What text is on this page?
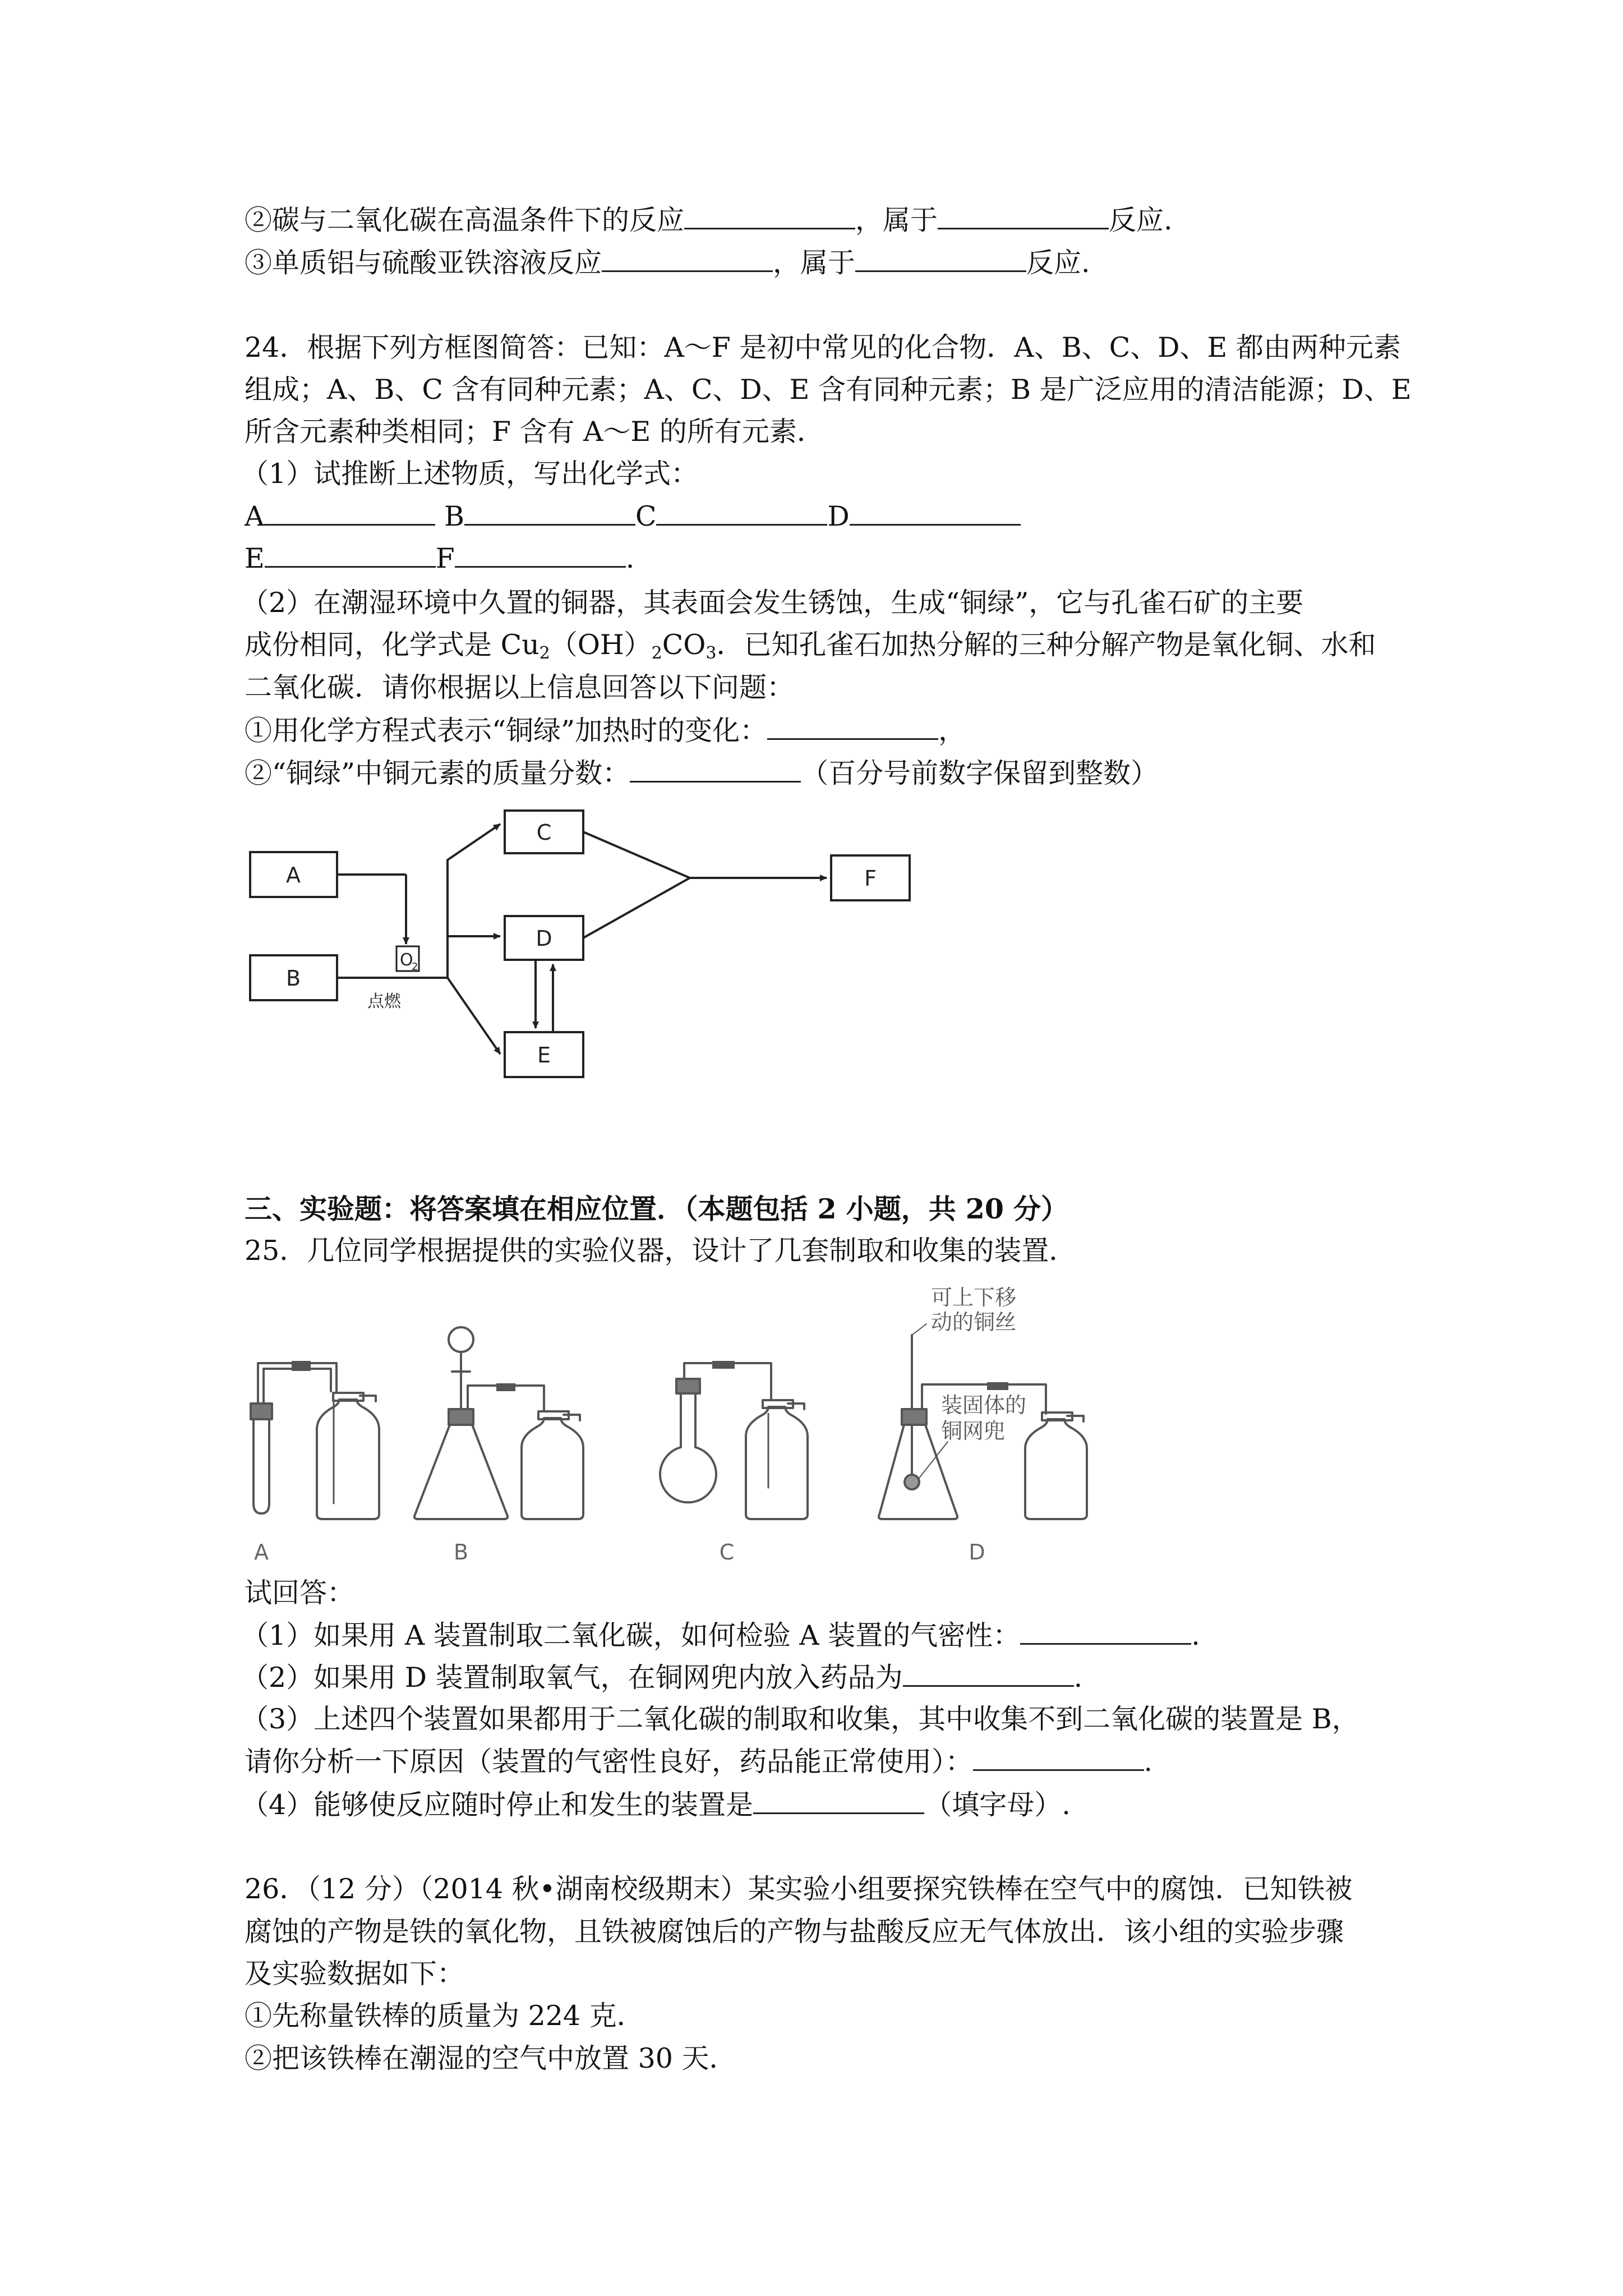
②碳与二氧化碳在高温条件下的反应	，属于	反应.
③单质铝与硫酸亚铁溶液反应	，属于	反应.
24．根据下列方框图简答：已知：A～F 是初中常见的化合物．A、B、C、D、E 都由两种元素
组成；A、B、C 含有同种元素；A、C、D、E 含有同种元素；B 是广泛应用的清洁能源；D、E
所含元素种类相同；F 含有 A～E 的所有元素．
（1）试推断上述物质，写出化学式：
A	B	C	D
E	F	.
（2）在潮湿环境中久置的铜器，其表面会发生锈蚀，生成“铜绿”，它与孔雀石矿的主要
成份相同，化学式是 $Cu_2(OH)_2CO_3$．已知孔雀石加热分解的三种分解产物是氧化铜、水和
二氧化碳．请你根据以上信息回答以下问题：
①用化学方程式表示“铜绿”加热时的变化：	，
②“铜绿”中铜元素的质量分数：	（百分号前数字保留到整数）
A
B
C
D
E
F
O
2
点燃
三、实验题：将答案填在相应位置．（本题包括 2 小题，共 20 分）
25．几位同学根据提供的实验仪器，设计了几套制取和收集的装置．
可上下移
动的铜丝
装固体的
铜网兜
A	B	C	D
试回答：
（1）如果用 A 装置制取二氧化碳，如何检验 A 装置的气密性：	.
（2）如果用 D 装置制取氧气，在铜网兜内放入药品为	.
（3）上述四个装置如果都用于二氧化碳的制取和收集，其中收集不到二氧化碳的装置是 B，
请你分析一下原因（装置的气密性良好，药品能正常使用）：	.
（4）能够使反应随时停止和发生的装置是	（填字母）.
26．（12 分）（2014 秋•湖南校级期末）某实验小组要探究铁棒在空气中的腐蚀．已知铁被
腐蚀的产物是铁的氧化物，且铁被腐蚀后的产物与盐酸反应无气体放出．该小组的实验步骤
及实验数据如下：
①先称量铁棒的质量为 224 克．
②把该铁棒在潮湿的空气中放置 30 天．
